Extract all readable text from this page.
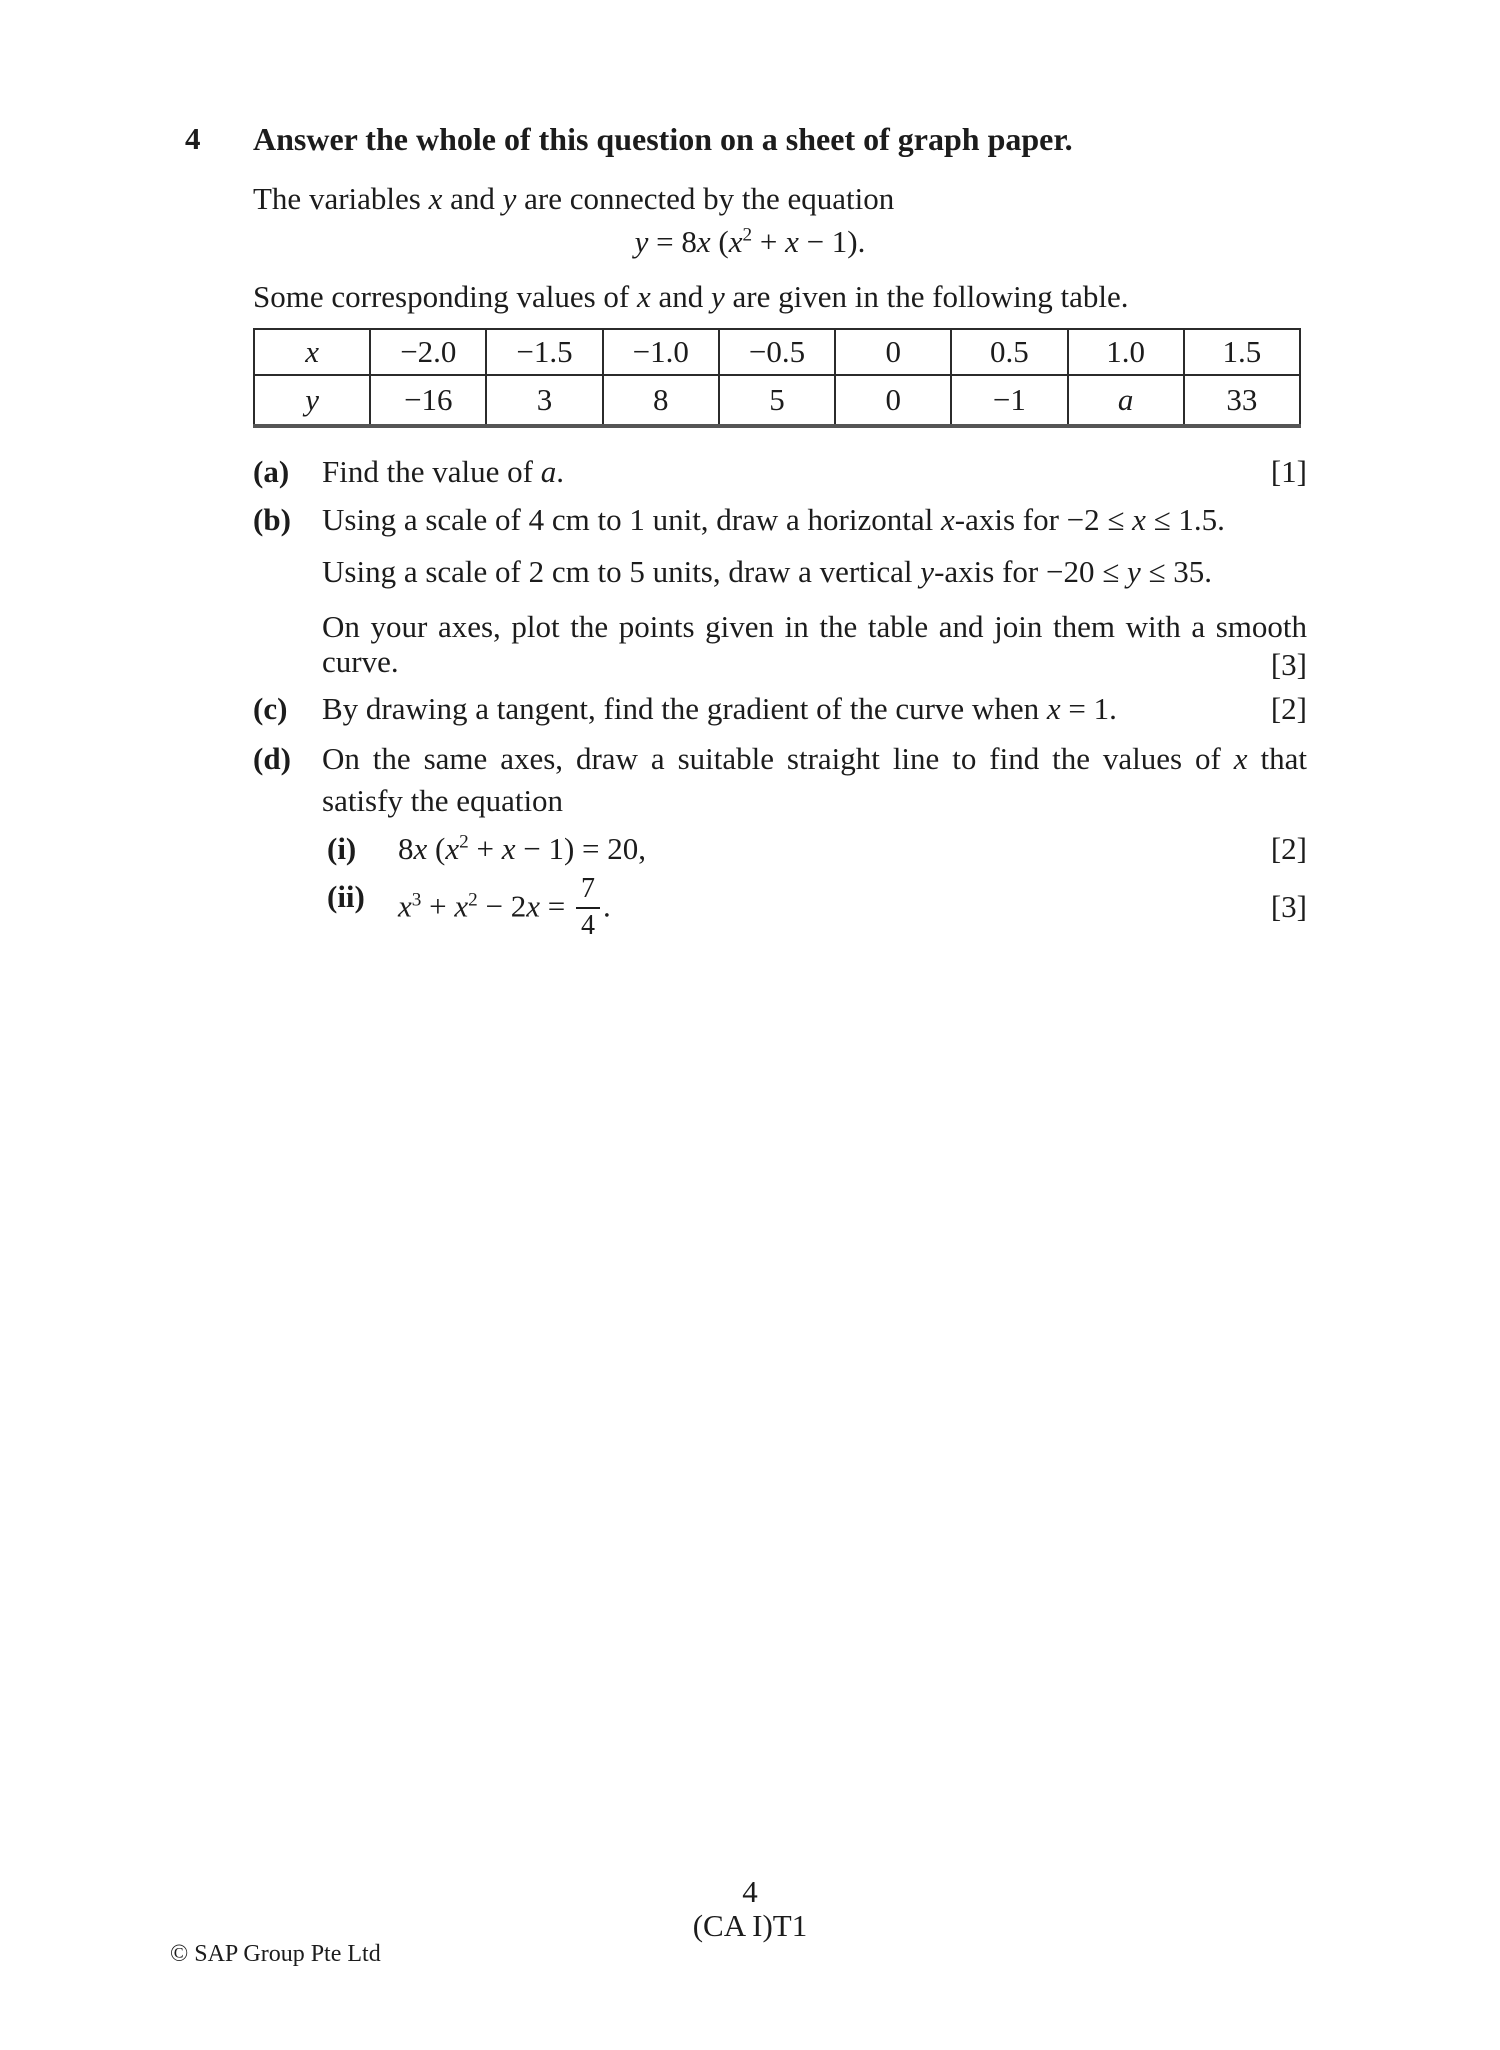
4 Answer the whole of this question on a sheet of graph paper.
The variables x and y are connected by the equation
y = 8x $(x^2 + x - 1)$.
Some corresponding values of x and y are given in the following table.
x	−2.0	−1.5	−1.0	−0.5	0	0.5	1.0	1.5
y	−16	3	8	5	0	−1	a	33
(a) Find the value of a.	[1]
(b) Using a scale of 4 cm to 1 unit, draw a horizontal x-axis for −2 ≤ x ≤ 1.5.
Using a scale of 2 cm to 5 units, draw a vertical y-axis for −20 ≤ y ≤ 35.
On your axes, plot the points given in the table and join them with a smooth
curve.	[3]
(c) By drawing a tangent, find the gradient of the curve when x = 1.	[2]
(d) On the same axes, draw a suitable straight line to find the values of x that
satisfy the equation
(i) 8x $(x^2 + x - 1) = 20$,	[2]
(ii) $x^3 + x^2 - 2x = \frac{7}{4}$ .	[3]
4
(CA I)T1
© SAP Group Pte Ltd
